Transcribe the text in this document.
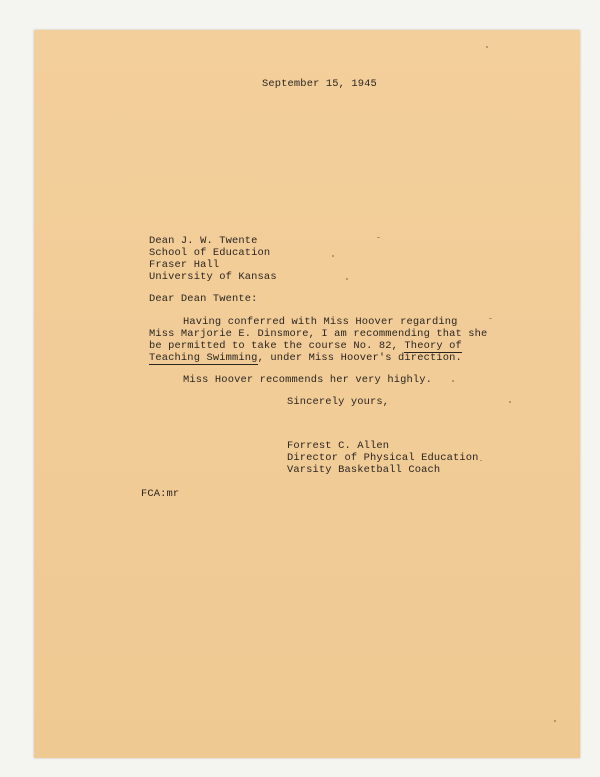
September 15, 1945
Dean J. W. Twente
School of Education
Fraser Hall
University of Kansas
Dear Dean Twente:
Having conferred with Miss Hoover regarding
Miss Marjorie E. Dinsmore, I am recommending that she
be permitted to take the course No. 82, Theory of
Teaching Swimming, under Miss Hoover's direction.
Miss Hoover recommends her very highly.
Sincerely yours,
Forrest C. Allen
Director of Physical Education
Varsity Basketball Coach
FCA:mr
